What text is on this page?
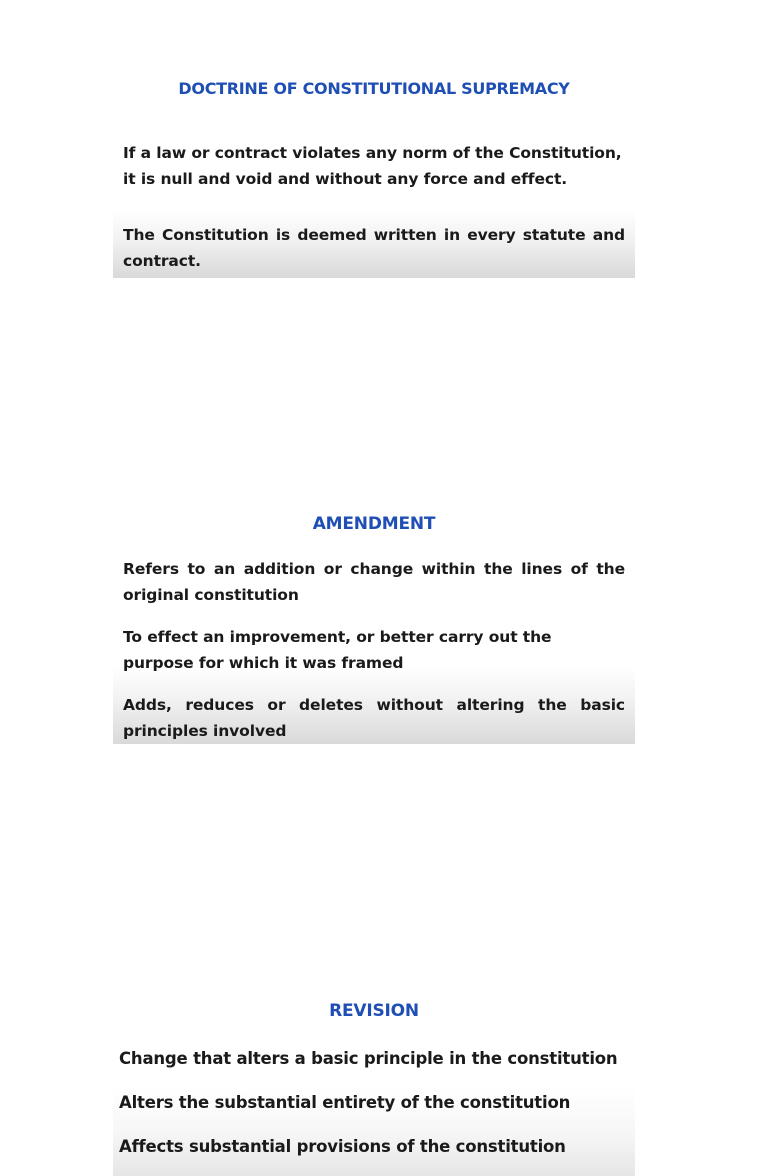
DOCTRINE OF CONSTITUTIONAL SUPREMACY

If a law or contract violates any norm of the Constitution, it is null and void and without any force and effect.

The Constitution is deemed written in every statute and contract.

AMENDMENT

Refers to an addition or change within the lines of the original constitution

To effect an improvement, or better carry out the purpose for which it was framed

Adds, reduces or deletes without altering the basic principles involved

REVISION
Change that alters a basic principle in the constitution
Alters the substantial entirety of the constitution
Affects substantial provisions of the constitution
